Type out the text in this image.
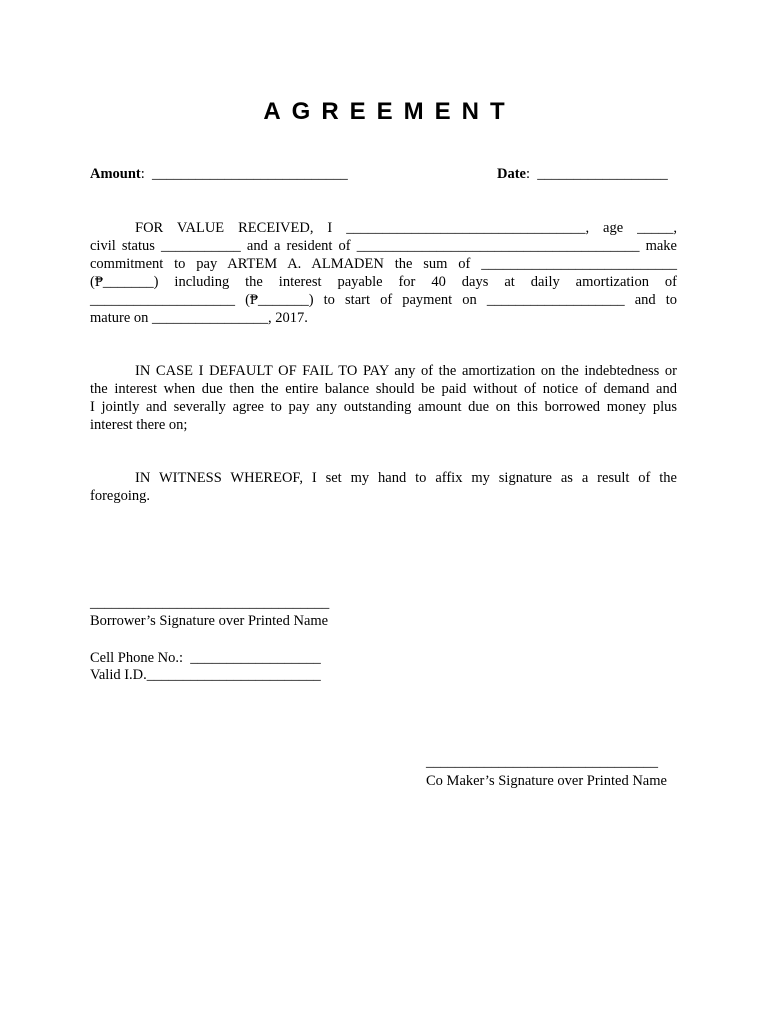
AGREEMENT
Amount:  ___________________________	Date:  __________________
FOR VALUE RECEIVED, I _________________________________, age _____,
civil status ___________ and a resident of _______________________________________ make
commitment to pay ARTEM A. ALMADEN the sum of ___________________________
(₱_______) including the interest payable for 40 days at daily amortization of
____________________ (₱_______) to start of payment on ___________________ and to
mature on ________________, 2017.
IN CASE I DEFAULT OF FAIL TO PAY any of the amortization on the indebtedness or
the interest when due then the entire balance should be paid without of notice of demand and
I jointly and severally agree to pay any outstanding amount due on this borrowed money plus
interest there on;
IN WITNESS WHEREOF, I set my hand to affix my signature as a result of the
foregoing.
_________________________________
Borrower’s Signature over Printed Name
Cell Phone No.:  __________________
Valid I.D.________________________
________________________________
Co Maker’s Signature over Printed Name
